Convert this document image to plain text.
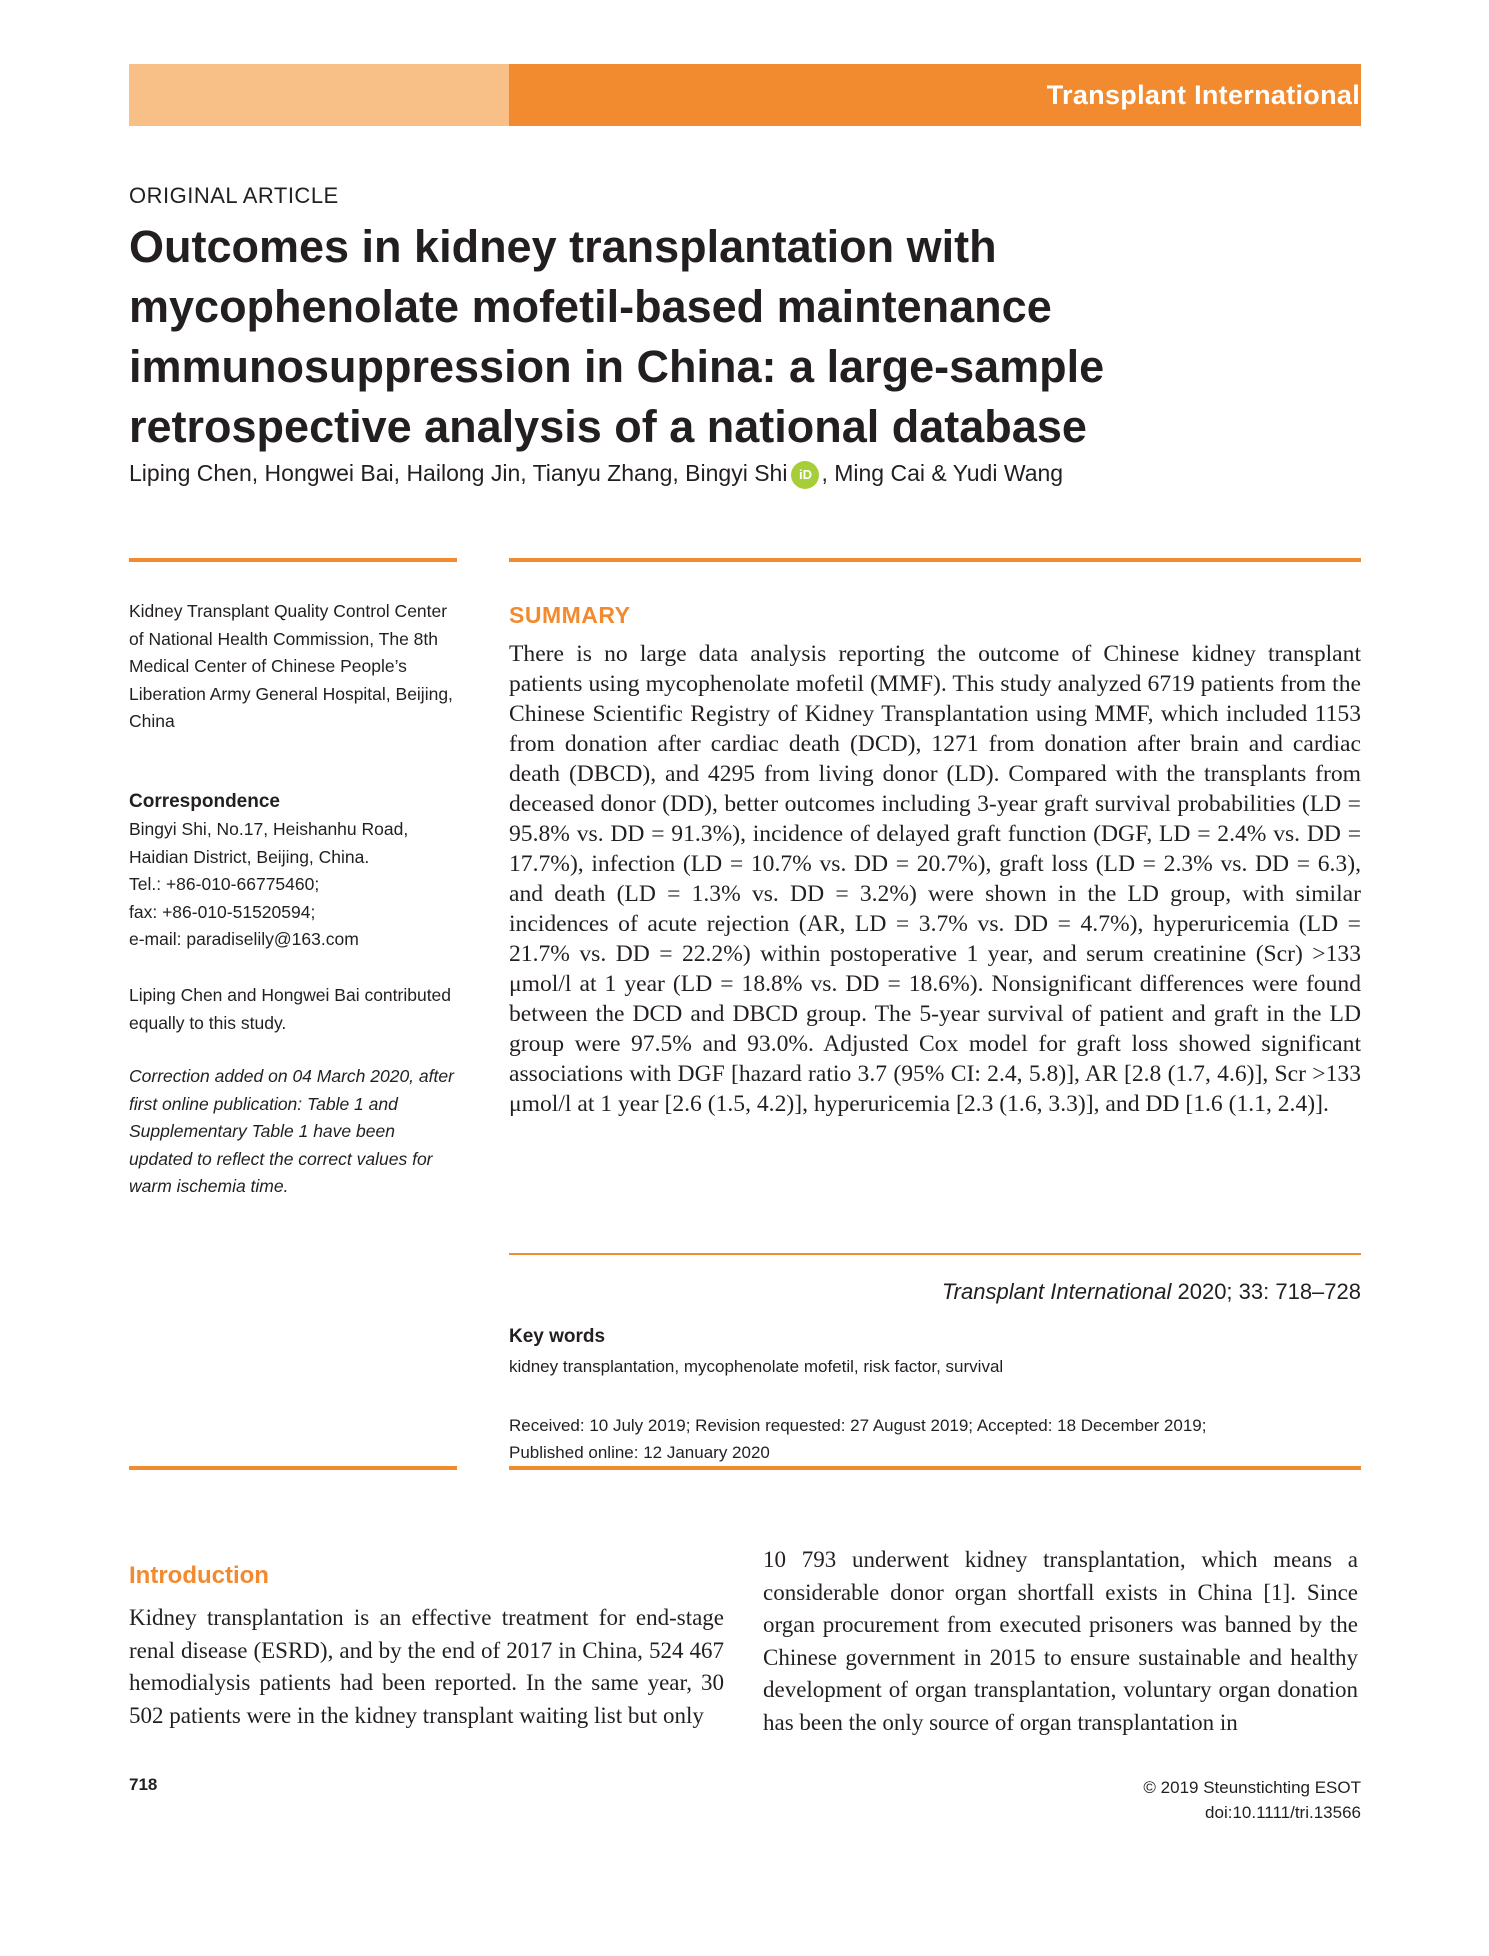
Transplant International
ORIGINAL ARTICLE
Outcomes in kidney transplantation with mycophenolate mofetil-based maintenance immunosuppression in China: a large-sample retrospective analysis of a national database
Liping Chen, Hongwei Bai, Hailong Jin, Tianyu Zhang, Bingyi Shi iD , Ming Cai & Yudi Wang
Kidney Transplant Quality Control Center of National Health Commission, The 8th Medical Center of Chinese People’s Liberation Army General Hospital, Beijing, China

Correspondence

Bingyi Shi, No.17, Heishanhu Road,

Haidian District, Beijing, China.

Tel.: +86-010-66775460;

fax: +86-010-51520594;

e-mail: paradiselily@163.com

Liping Chen and Hongwei Bai contributed equally to this study.
Correction added on 04 March 2020, after first online publication: Table 1 and Supplementary Table 1 have been updated to reflect the correct values for warm ischemia time.
SUMMARY

There is no large data analysis reporting the outcome of Chinese kidney transplant patients using mycophenolate mofetil (MMF). This study analyzed 6719 patients from the Chinese Scientific Registry of Kidney Transplantation using MMF, which included 1153 from donation after cardiac death (DCD), 1271 from donation after brain and cardiac death (DBCD), and 4295 from living donor (LD). Compared with the transplants from deceased donor (DD), better outcomes including 3-year graft survival probabilities (LD = 95.8% vs. DD = 91.3%), incidence of delayed graft function (DGF, LD = 2.4% vs. DD = 17.7%), infection (LD = 10.7% vs. DD = 20.7%), graft loss (LD = 2.3% vs. DD = 6.3), and death (LD = 1.3% vs. DD = 3.2%) were shown in the LD group, with similar incidences of acute rejection (AR, LD = 3.7% vs. DD = 4.7%), hyperuricemia (LD = 21.7% vs. DD = 22.2%) within postoperative 1 year, and serum creatinine (Scr) >133 μmol/l at 1 year (LD = 18.8% vs. DD = 18.6%). Nonsignificant differences were found between the DCD and DBCD group. The 5-year survival of patient and graft in the LD group were 97.5% and 93.0%. Adjusted Cox model for graft loss showed significant associations with DGF [hazard ratio 3.7 (95% CI: 2.4, 5.8)], AR [2.8 (1.7, 4.6)], Scr >133 μmol/l at 1 year [2.6 (1.5, 4.2)], hyperuricemia [2.3 (1.6, 3.3)], and DD [1.6 (1.1, 2.4)].

Transplant International 2020; 33: 718–728
Key words
kidney transplantation, mycophenolate mofetil, risk factor, survival

Received: 10 July 2019; Revision requested: 27 August 2019; Accepted: 18 December 2019;

Published online: 12 January 2020

Introduction

Kidney transplantation is an effective treatment for end-stage renal disease (ESRD), and by the end of 2017 in China, 524 467 hemodialysis patients had been reported. In the same year, 30 502 patients were in the kidney transplant waiting list but only

10 793 underwent kidney transplantation, which means a considerable donor organ shortfall exists in China [1]. Since organ procurement from executed prisoners was banned by the Chinese government in 2015 to ensure sustainable and healthy development of organ transplantation, voluntary organ donation has been the only source of organ transplantation in

718	© 2019 Steunstichting ESOT
doi:10.1111/tri.13566
